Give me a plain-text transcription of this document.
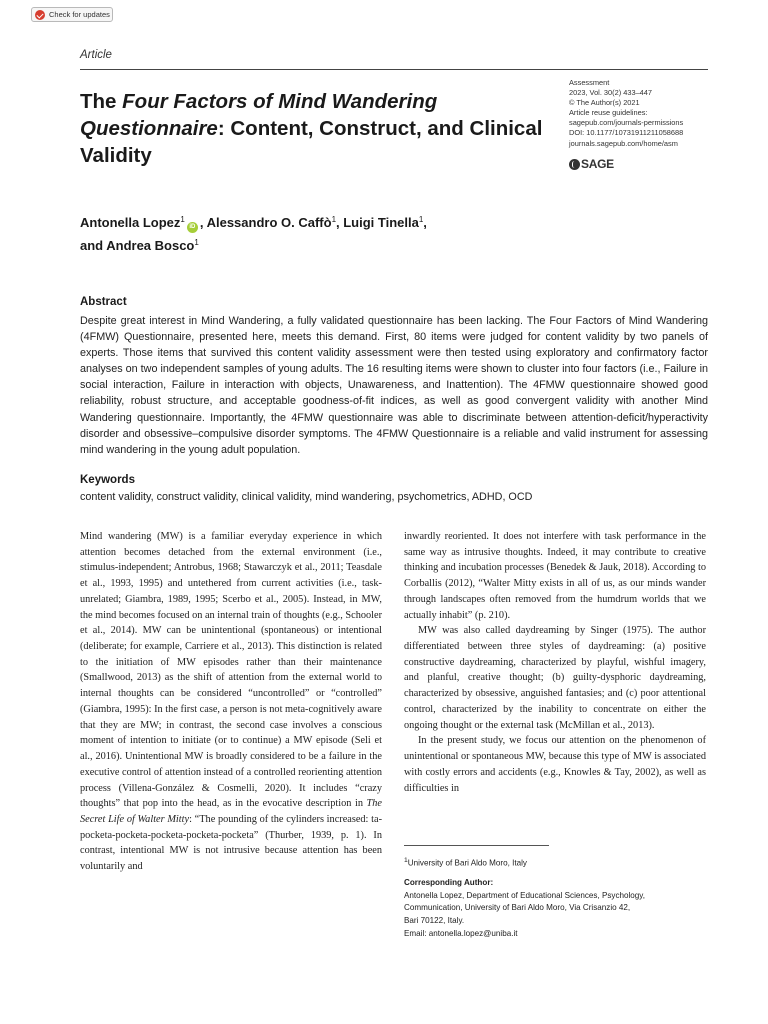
Check for updates
Article
The Four Factors of Mind Wandering Questionnaire: Content, Construct, and Clinical Validity
Assessment
2023, Vol. 30(2) 433–447
© The Author(s) 2021
Article reuse guidelines:
sagepub.com/journals-permissions
DOI: 10.1177/10731911211058688
journals.sagepub.com/home/asm
SAGE

Antonella Lopez$^1$iD , Alessandro O. Caffò$^1$, Luigi Tinella$^1$,
and Andrea Bosco$^1$

Abstract

Despite great interest in Mind Wandering, a fully validated questionnaire has been lacking. The Four Factors of Mind Wandering (4FMW) Questionnaire, presented here, meets this demand. First, 80 items were judged for content validity by two panels of experts. Those items that survived this content validity assessment were then tested using exploratory and confirmatory factor analyses on two independent samples of young adults. The 16 resulting items were shown to cluster into four factors (i.e., Failure in social interaction, Failure in interaction with objects, Unawareness, and Inattention). The 4FMW questionnaire showed good reliability, robust structure, and acceptable goodness-of-fit indices, as well as good convergent validity with another Mind Wandering questionnaire. Importantly, the 4FMW questionnaire was able to discriminate between attention-deficit/hyperactivity disorder and obsessive–compulsive disorder symptoms. The 4FMW Questionnaire is a reliable and valid instrument for assessing mind wandering in the young adult population.

Keywords

content validity, construct validity, clinical validity, mind wandering, psychometrics, ADHD, OCD

Mind wandering (MW) is a familiar everyday experience in which attention becomes detached from the external environment (i.e., stimulus-independent; Antrobus, 1968; Stawarczyk et al., 2011; Teasdale et al., 1993, 1995) and untethered from current activities (i.e., task-unrelated; Giambra, 1989, 1995; Scerbo et al., 2005). Instead, in MW, the mind becomes focused on an internal train of thoughts (e.g., Schooler et al., 2014). MW can be unintentional (spontaneous) or intentional (deliberate; for example, Carriere et al., 2013). This distinction is related to the initiation of MW episodes rather than their maintenance (Smallwood, 2013) as the shift of attention from the external world to internal thoughts can be considered “uncontrolled” or “controlled” (Giambra, 1995): In the first case, a person is not meta-cognitively aware that they are MW; in contrast, the second case involves a conscious moment of intention to initiate (or to continue) a MW episode (Seli et al., 2016). Unintentional MW is broadly considered to be a failure in the executive control of attention instead of a controlled reorienting attention process (Villena-González & Cosmelli, 2020). It includes “crazy thoughts” that pop into the head, as in the evocative description in The Secret Life of Walter Mitty: “The pounding of the cylinders increased: ta-pocketa-pocketa-pocketa-pocketa-pocketa” (Thurber, 1939, p. 1). In contrast, intentional MW is not intrusive because attention has been voluntarily and

inwardly reoriented. It does not interfere with task performance in the same way as intrusive thoughts. Indeed, it may contribute to creative thinking and incubation processes (Benedek & Jauk, 2018). According to Corballis (2012), “Walter Mitty exists in all of us, as our minds wander through landscapes often removed from the humdrum worlds that we actually inhabit” (p. 210).

MW was also called daydreaming by Singer (1975). The author differentiated between three styles of daydreaming: (a) positive constructive daydreaming, characterized by playful, wishful imagery, and planful, creative thought; (b) guilty-dysphoric daydreaming, characterized by obsessive, anguished fantasies; and (c) poor attentional control, characterized by the inability to concentrate on either the ongoing thought or the external task (McMillan et al., 2013).

In the present study, we focus our attention on the phenomenon of unintentional or spontaneous MW, because this type of MW is associated with costly errors and accidents (e.g., Knowles & Tay, 2002), as well as difficulties in

$^1$University of Bari Aldo Moro, Italy
Corresponding Author:
Antonella Lopez, Department of Educational Sciences, Psychology,
Communication, University of Bari Aldo Moro, Via Crisanzio 42,
Bari 70122, Italy.
Email: antonella.lopez@uniba.it
